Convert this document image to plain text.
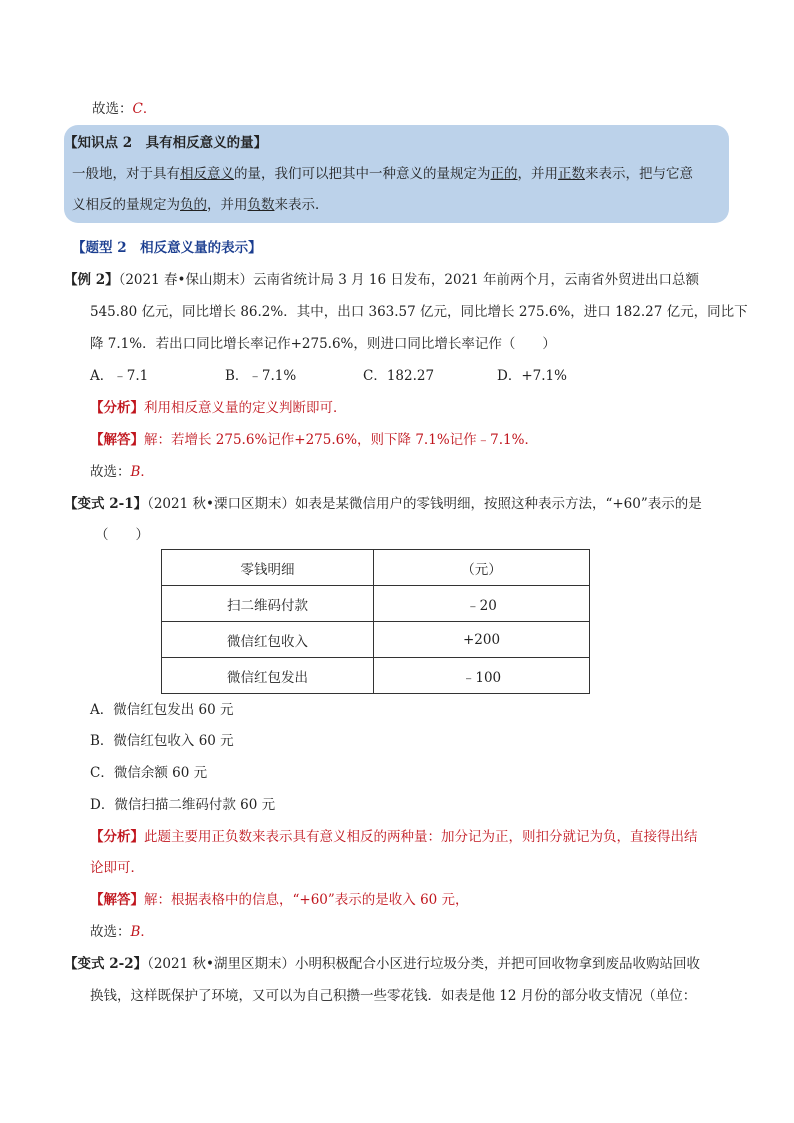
故选：C．
【知识点 2　具有相反意义的量】
一般地，对于具有相反意义的量，我们可以把其中一种意义的量规定为正的，并用正数来表示，把与它意
义相反的量规定为负的，并用负数来表示．
【题型 2　相反意义量的表示】
【例 2】（2021 春•保山期末）云南省统计局 3 月 16 日发布，2021 年前两个月，云南省外贸进出口总额
545.80 亿元，同比增长 86.2%．其中，出口 363.57 亿元，同比增长 275.6%，进口 182.27 亿元，同比下
降 7.1%．若出口同比增长率记作+275.6%，则进口同比增长率记作（　　）
A．﹣7.1	B．﹣7.1%	C．182.27	D．+7.1%
【分析】利用相反意义量的定义判断即可．
【解答】解：若增长 275.6%记作+275.6%，则下降 7.1%记作﹣7.1%．
故选：B．
【变式 2-1】（2021 秋•溧口区期末）如表是某微信用户的零钱明细，按照这种表示方法，“+60”表示的是
（　　）
零钱明细	（元）
扫二维码付款	﹣20
微信红包收入	+200
微信红包发出	﹣100
A．微信红包发出 60 元
B．微信红包收入 60 元
C．微信余额 60 元
D．微信扫描二维码付款 60 元
【分析】此题主要用正负数来表示具有意义相反的两种量：加分记为正，则扣分就记为负，直接得出结
论即可．
【解答】解：根据表格中的信息，“+60”表示的是收入 60 元，
故选：B．
【变式 2-2】（2021 秋•湖里区期末）小明积极配合小区进行垃圾分类，并把可回收物拿到废品收购站回收
换钱，这样既保护了环境，又可以为自己积攒一些零花钱．如表是他 12 月份的部分收支情况（单位：
